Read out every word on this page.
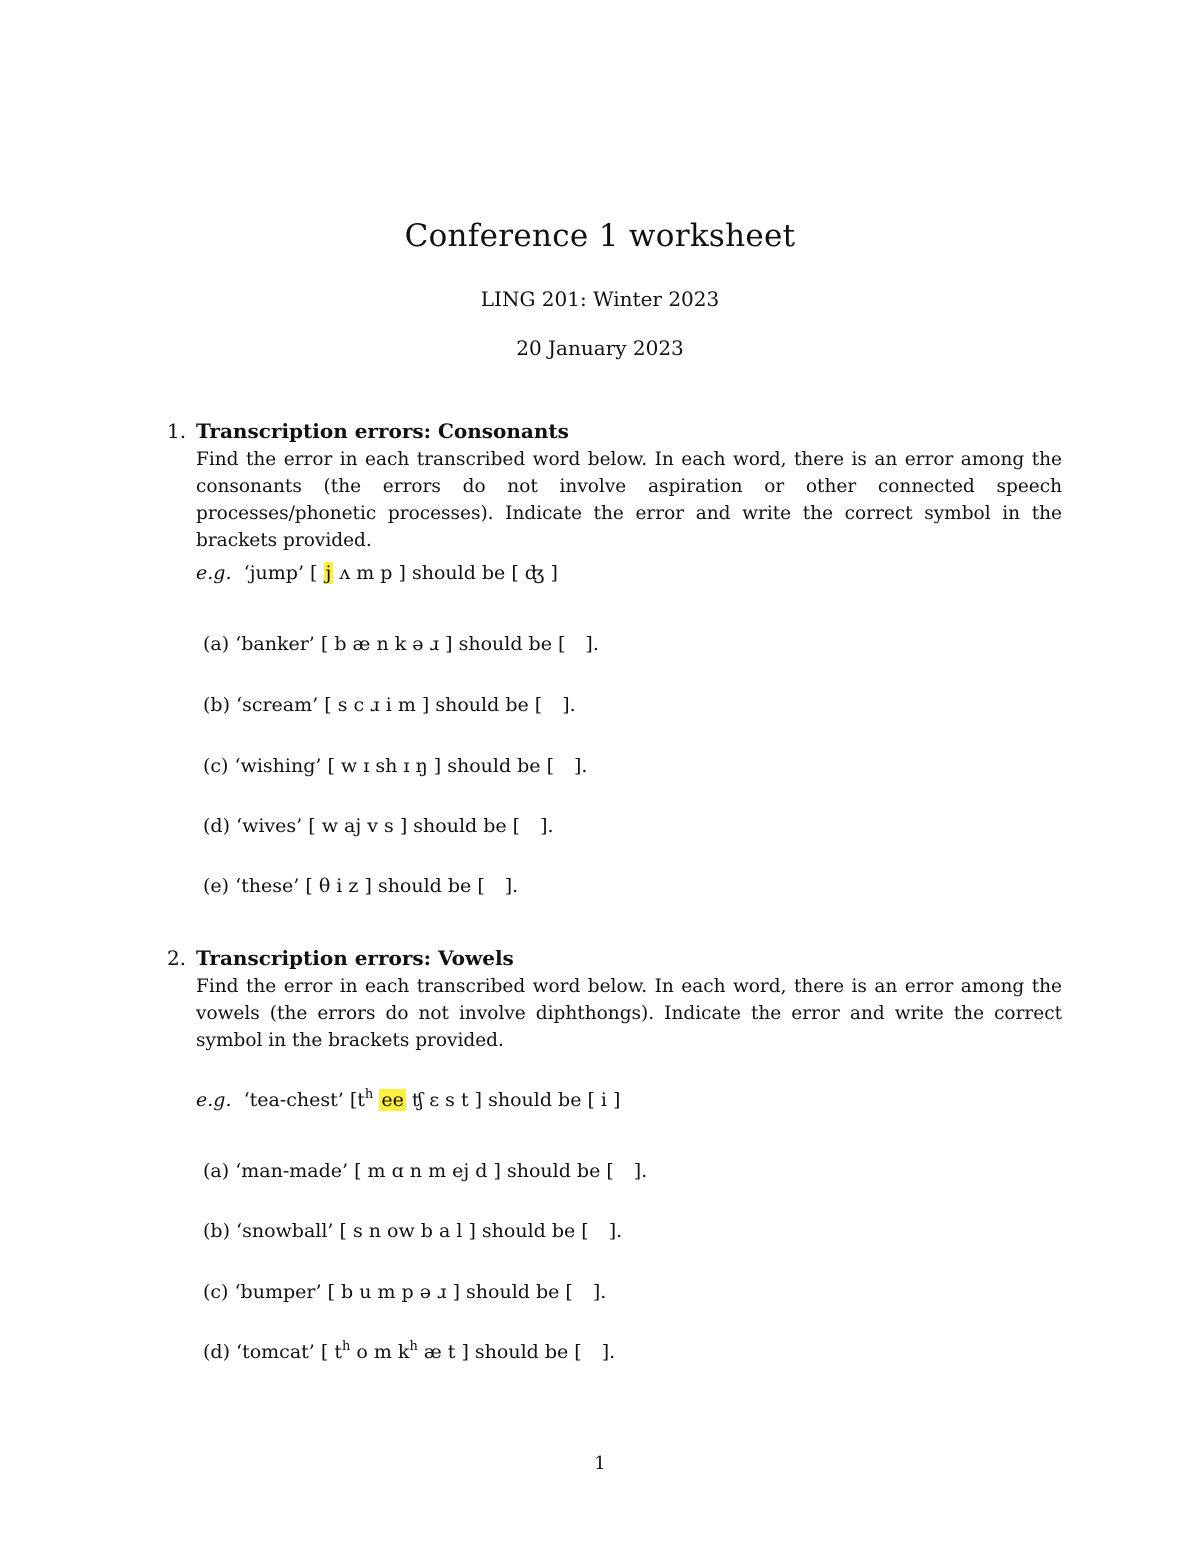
Conference 1 worksheet
LING 201: Winter 2023
20 January 2023
1. Transcription errors: Consonants
Find the error in each transcribed word below. In each word, there is an error among the consonants (the errors do not involve aspiration or other connected speech processes/phonetic processes). Indicate the error and write the correct symbol in the brackets provided.
e.g. ‘jump’ [ j ʌ m p ] should be [ ʤ ]
(a) ‘banker’ [ b æ n k ə ɹ ] should be [ ].
(b) ‘scream’ [ s c ɹ i m ] should be [ ].
(c) ‘wishing’ [ w ɪ sh ɪ ŋ ] should be [ ].
(d) ‘wives’ [ w aj v s ] should be [ ].
(e) ‘these’ [ θ i z ] should be [ ].
2. Transcription errors: Vowels
Find the error in each transcribed word below. In each word, there is an error among the vowels (the errors do not involve diphthongs). Indicate the error and write the correct symbol in the brackets provided.
e.g. ‘tea-chest’ [$t^h$ ee ʧ ɛ s t ] should be [ i ]
(a) ‘man-made’ [ m ɑ n m ej d ] should be [ ].
(b) ‘snowball’ [ s n ow b a l ] should be [ ].
(c) ‘bumper’ [ b u m p ə ɹ ] should be [ ].
(d) ‘tomcat’ [ $t^h$ o m $k^h$ æ t ] should be [ ].
1
